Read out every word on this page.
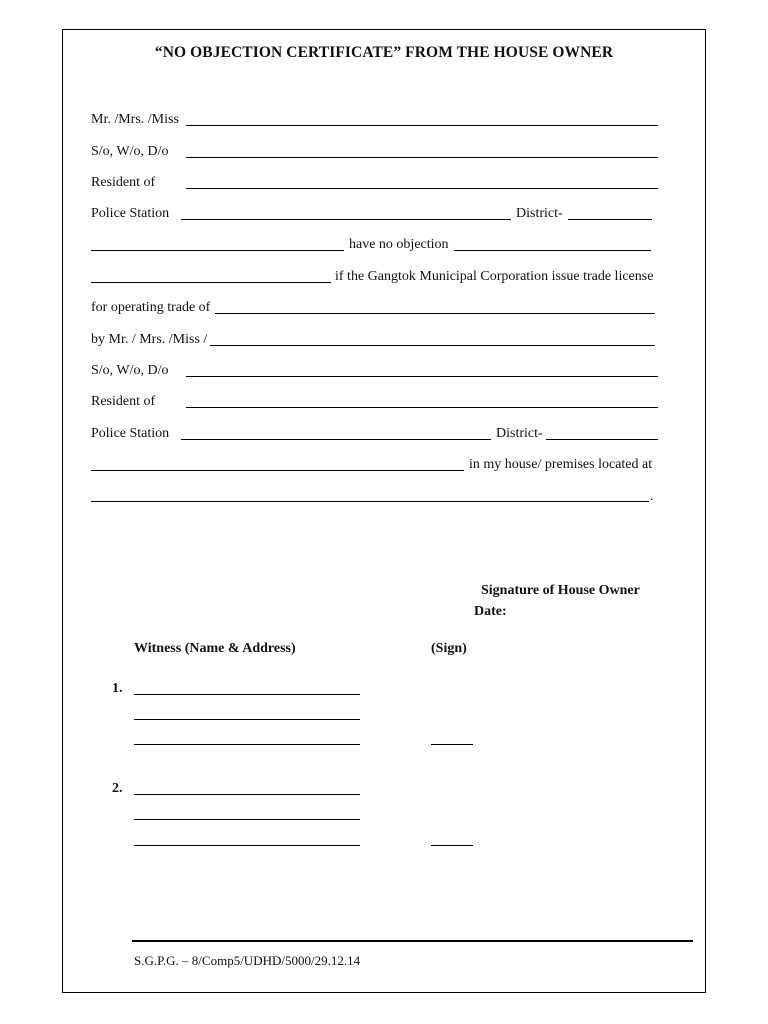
“NO OBJECTION CERTIFICATE” FROM THE HOUSE OWNER
Mr. /Mrs. /Miss
S/o, W/o, D/o
Resident of
Police Station	District-
have no objection
if the Gangtok Municipal Corporation issue trade license
for operating trade of
by Mr. / Mrs. /Miss /
S/o, W/o, D/o
Resident of
Police Station	District-
in my house/ premises located at
.
Signature of House Owner
Date:
Witness (Name & Address)	(Sign)
1.
2.
S.G.P.G. – 8/Comp5/UDHD/5000/29.12.14
